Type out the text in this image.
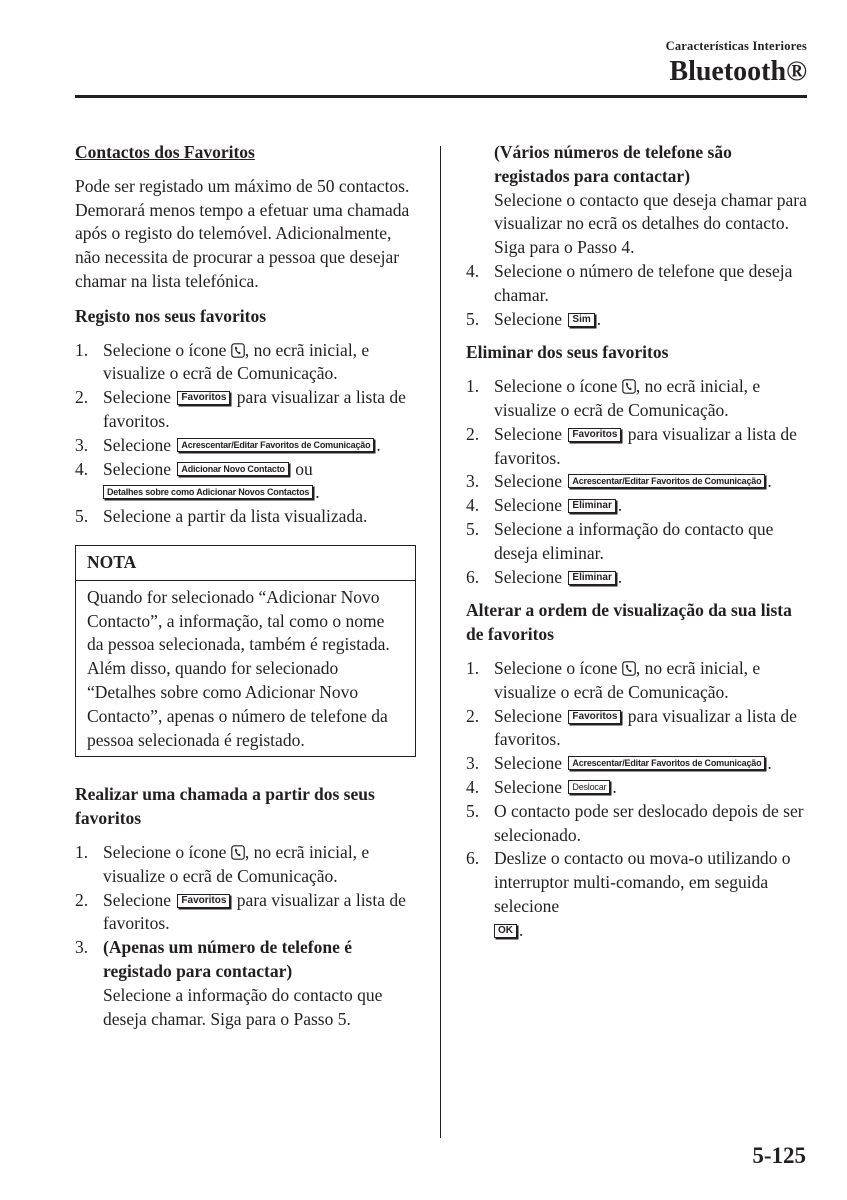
Características Interiores
Bluetooth®
Contactos dos Favoritos
Pode ser registado um máximo de 50 contactos. Demorará menos tempo a efetuar uma chamada após o registo do telemóvel. Adicionalmente, não necessita de procurar a pessoa que desejar chamar na lista telefónica.
Registo nos seus favoritos
1. Selecione o ícone , no ecrã inicial, e visualize o ecrã de Comunicação.
2. Selecione Favoritos para visualizar a lista de favoritos.
3. Selecione Acrescentar/Editar Favoritos de Comunicação .
4. Selecione Adicionar Novo Contacto ou
Detalhes sobre como Adicionar Novos Contactos .
5. Selecione a partir da lista visualizada.
NOTA
Quando for selecionado “Adicionar Novo Contacto”, a informação, tal como o nome da pessoa selecionada, também é registada. Além disso, quando for selecionado “Detalhes sobre como Adicionar Novo Contacto”, apenas o número de telefone da pessoa selecionada é registado.
Realizar uma chamada a partir dos seus favoritos
1. Selecione o ícone , no ecrã inicial, e visualize o ecrã de Comunicação.
2. Selecione Favoritos para visualizar a lista de favoritos.
3. (Apenas um número de telefone é registado para contactar)
Selecione a informação do contacto que deseja chamar. Siga para o Passo 5.
(Vários números de telefone são registados para contactar)
Selecione o contacto que deseja chamar para visualizar no ecrã os detalhes do contacto. Siga para o Passo 4.
4. Selecione o número de telefone que deseja chamar.
5. Selecione Sim .
Eliminar dos seus favoritos
1. Selecione o ícone , no ecrã inicial, e visualize o ecrã de Comunicação.
2. Selecione Favoritos para visualizar a lista de favoritos.
3. Selecione Acrescentar/Editar Favoritos de Comunicação .
4. Selecione Eliminar .
5. Selecione a informação do contacto que deseja eliminar.
6. Selecione Eliminar .
Alterar a ordem de visualização da sua lista de favoritos
1. Selecione o ícone , no ecrã inicial, e visualize o ecrã de Comunicação.
2. Selecione Favoritos para visualizar a lista de favoritos.
3. Selecione Acrescentar/Editar Favoritos de Comunicação .
4. Selecione Deslocar .
5. O contacto pode ser deslocado depois de ser selecionado.
6. Deslize o contacto ou mova-o utilizando o interruptor multi-comando, em seguida selecione
OK .
5-125
